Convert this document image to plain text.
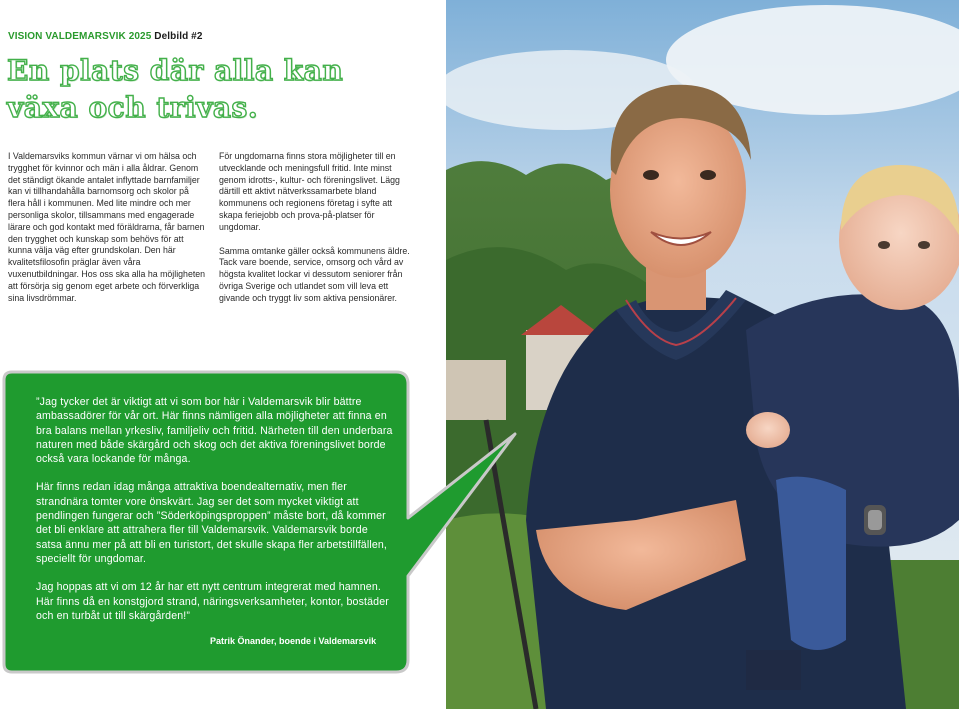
VISION VALDEMARSVIK 2025 Delbild #2
En plats där alla kan
växa och trivas.

I Valdemarsviks kommun värnar vi om hälsa och trygghet för kvinnor och män i alla åldrar. Genom det ständigt ökande antalet inflyttade barnfamiljer kan vi tillhandahålla barnomsorg och skolor på flera håll i kommunen. Med lite mindre och mer personliga skolor, tillsammans med engagerade lärare och god kontakt med föräldrarna, får barnen den trygghet och kunskap som behövs för att kunna välja väg efter grundskolan. Den här kvalitetsfilosofin präglar även våra vuxenutbildningar. Hos oss ska alla ha möjligheten att försörja sig genom eget arbete och förverkliga sina livsdrömmar.

För ungdomarna finns stora möjligheter till en utvecklande och meningsfull fritid. Inte minst genom idrotts-, kultur- och föreningslivet. Lägg därtill ett aktivt nätverkssamarbete bland kommunens och regionens företag i syfte att skapa feriejobb och prova-på-platser för ungdomar.

Samma omtanke gäller också kommunens äldre. Tack vare boende, service, omsorg och vård av högsta kvalitet lockar vi dessutom seniorer från övriga Sverige och utlandet som vill leva ett givande och tryggt liv som aktiva pensionärer.

”Jag tycker det är viktigt att vi som bor här i Valdemarsvik blir bättre ambassadörer för vår ort. Här finns nämligen alla möjligheter att finna en bra balans mellan yrkesliv, familjeliv och fritid. Närheten till den underbara naturen med både skärgård och skog och det aktiva föreningslivet borde också vara lockande för många.

Här finns redan idag många attraktiva boendealternativ, men fler strandnära tomter vore önskvärt. Jag ser det som mycket viktigt att pendlingen fungerar och ”Söderköpingsproppen” måste bort, då kommer det bli enklare att attrahera fler till Valdemarsvik. Valdemarsvik borde satsa ännu mer på att bli en turistort, det skulle skapa fler arbetstillfällen, speciellt för ungdomar.

Jag hoppas att vi om 12 år har ett nytt centrum integrerat med hamnen. Här finns då en konstgjord strand, näringsverksamheter, kontor, bostäder och en turbåt ut till skärgården!”

Patrik Önander, boende i Valdemarsvik
